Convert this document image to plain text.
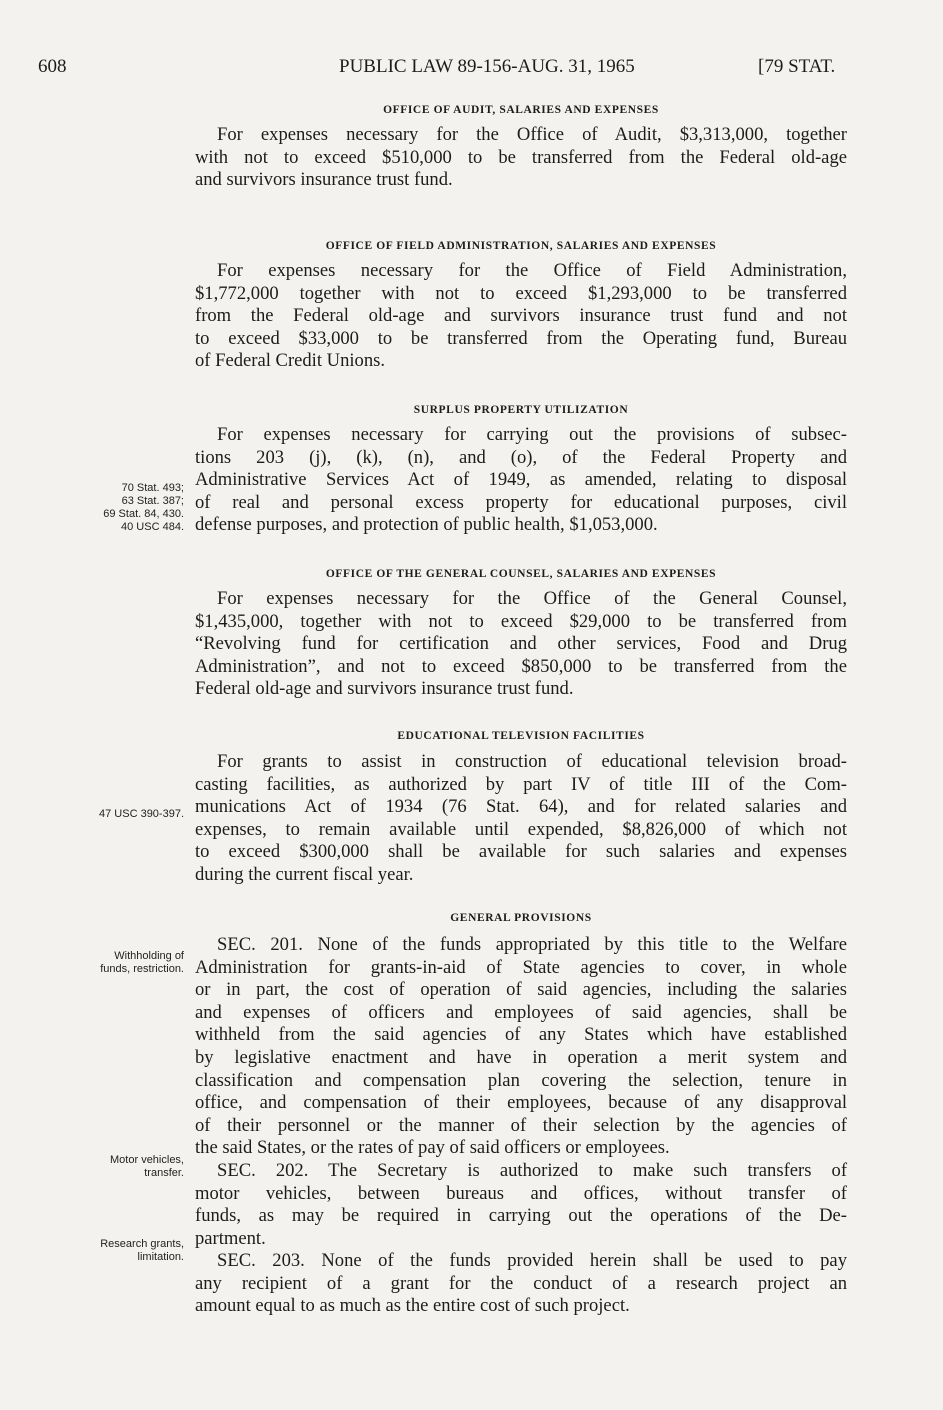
608	PUBLIC LAW 89-156-AUG. 31, 1965	[79 STAT.
OFFICE OF AUDIT, SALARIES AND EXPENSES

For expenses necessary for the Office of Audit, $3,313,000, together
with not to exceed $510,000 to be transferred from the Federal old-age
and survivors insurance trust fund.

OFFICE OF FIELD ADMINISTRATION, SALARIES AND EXPENSES

For expenses necessary for the Office of Field Administration,
$1,772,000 together with not to exceed $1,293,000 to be transferred
from the Federal old-age and survivors insurance trust fund and not
to exceed $33,000 to be transferred from the Operating fund, Bureau
of Federal Credit Unions.

SURPLUS PROPERTY UTILIZATION

For expenses necessary for carrying out the provisions of subsec-
tions 203 (j), (k), (n), and (o), of the Federal Property and
Administrative Services Act of 1949, as amended, relating to disposal
of real and personal excess property for educational purposes, civil
defense purposes, and protection of public health, $1,053,000.

70 Stat. 493;
63 Stat. 387;
69 Stat. 84, 430.
40 USC 484.
OFFICE OF THE GENERAL COUNSEL, SALARIES AND EXPENSES

For expenses necessary for the Office of the General Counsel,
$1,435,000, together with not to exceed $29,000 to be transferred from
“Revolving fund for certification and other services, Food and Drug
Administration”, and not to exceed $850,000 to be transferred from the
Federal old-age and survivors insurance trust fund.

EDUCATIONAL TELEVISION FACILITIES

For grants to assist in construction of educational television broad-
casting facilities, as authorized by part IV of title III of the Com-
munications Act of 1934 (76 Stat. 64), and for related salaries and
expenses, to remain available until expended, $8,826,000 of which not
to exceed $300,000 shall be available for such salaries and expenses
during the current fiscal year.

47 USC 390-397.
GENERAL PROVISIONS

SEC. 201. None of the funds appropriated by this title to the Welfare
Administration for grants-in-aid of State agencies to cover, in whole
or in part, the cost of operation of said agencies, including the salaries
and expenses of officers and employees of said agencies, shall be
withheld from the said agencies of any States which have established
by legislative enactment and have in operation a merit system and
classification and compensation plan covering the selection, tenure in
office, and compensation of their employees, because of any disapproval
of their personnel or the manner of their selection by the agencies of
the said States, or the rates of pay of said officers or employees.

Withholding of
funds, restriction.

SEC. 202. The Secretary is authorized to make such transfers of
motor vehicles, between bureaus and offices, without transfer of
funds, as may be required in carrying out the operations of the De-
partment.

Motor vehicles,
transfer.

SEC. 203. None of the funds provided herein shall be used to pay
any recipient of a grant for the conduct of a research project an
amount equal to as much as the entire cost of such project.

Research grants,
limitation.
